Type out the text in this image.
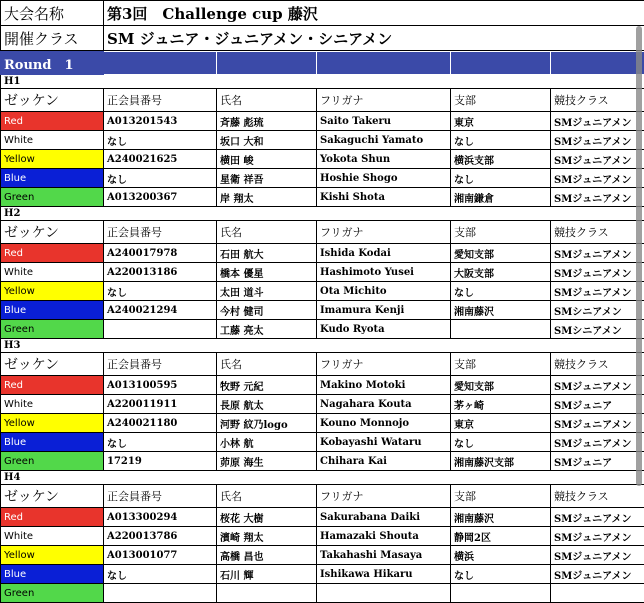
大会名称	第3回　Challenge cup 藤沢
開催クラス	SM ジュニア・ジュニアメン・シニアメン
Round　1					
H1					
ゼッケン	正会員番号	氏名	フリガナ	支部	競技クラス
Red	A013201543	斉藤 彪琉	Saito Takeru	東京	SMジュニアメン
White	なし	坂口 大和	Sakaguchi Yamato	なし	SMジュニアメン
Yellow	A240021625	横田 峻	Yokota Shun	横浜支部	SMジュニアメン
Blue	なし	星衛 祥吾	Hoshie Shogo	なし	SMジュニアメン
Green	A013200367	岸 翔太	Kishi Shota	湘南鎌倉	SMジュニアメン
H2					
ゼッケン	正会員番号	氏名	フリガナ	支部	競技クラス
Red	A240017978	石田 航大	Ishida Kodai	愛知支部	SMジュニアメン
White	A220013186	橋本 優星	Hashimoto Yusei	大阪支部	SMジュニアメン
Yellow	なし	太田 道斗	Ota Michito	なし	SMジュニアメン
Blue	A240021294	今村 健司	Imamura Kenji	湘南藤沢	SMシニアメン
Green		工藤 亮太	Kudo Ryota		SMシニアメン
H3					
ゼッケン	正会員番号	氏名	フリガナ	支部	競技クラス
Red	A013100595	牧野 元紀	Makino Motoki	愛知支部	SMジュニアメン
White	A220011911	長原 航太	Nagahara Kouta	茅ヶ崎	SMジュニア
Yellow	A240021180	河野 紋乃logo	Kouno Monnojo	東京	SMジュニアメン
Blue	なし	小林 航	Kobayashi Wataru	なし	SMジュニアメン
Green	17219	茆原 海生	Chihara Kai	湘南藤沢支部	SMジュニア
H4					
ゼッケン	正会員番号	氏名	フリガナ	支部	競技クラス
Red	A013300294	桜花 大樹	Sakurabana Daiki	湘南藤沢	SMジュニアメン
White	A220013786	濱崎 翔太	Hamazaki Shouta	静岡2区	SMジュニアメン
Yellow	A013001077	高橋 昌也	Takahashi Masaya	横浜	SMジュニアメン
Blue	なし	石川 輝	Ishikawa Hikaru	なし	SMジュニアメン
Green					
